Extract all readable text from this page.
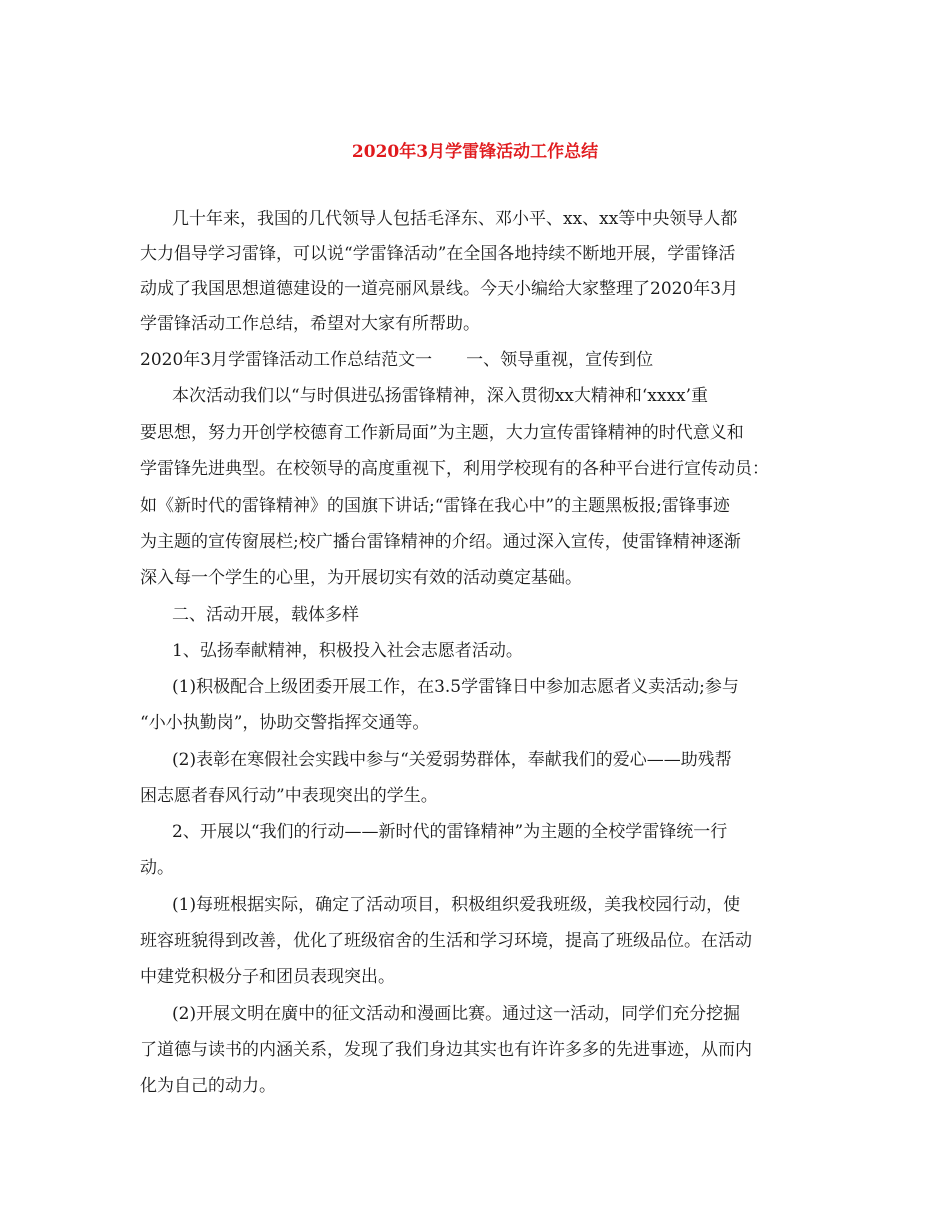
2020年3月学雷锋活动工作总结
几十年来，我国的几代领导人包括毛泽东、邓小平、xx、xx等中央领导人都
大力倡导学习雷锋，可以说“学雷锋活动”在全国各地持续不断地开展，学雷锋活
动成了我国思想道德建设的一道亮丽风景线。今天小编给大家整理了2020年3月
学雷锋活动工作总结，希望对大家有所帮助。
2020年3月学雷锋活动工作总结范文一　　一、领导重视，宣传到位
本次活动我们以“与时俱进弘扬雷锋精神，深入贯彻xx大精神和‘xxxx’重
要思想，努力开创学校德育工作新局面”为主题，大力宣传雷锋精神的时代意义和
学雷锋先进典型。在校领导的高度重视下，利用学校现有的各种平台进行宣传动员：
如《新时代的雷锋精神》的国旗下讲话;“雷锋在我心中”的主题黑板报;雷锋事迹
为主题的宣传窗展栏;校广播台雷锋精神的介绍。通过深入宣传，使雷锋精神逐渐
深入每一个学生的心里，为开展切实有效的活动奠定基础。
二、活动开展，载体多样
1、弘扬奉献精神，积极投入社会志愿者活动。
(1)积极配合上级团委开展工作，在3.5学雷锋日中参加志愿者义卖活动;参与
“小小执勤岗”，协助交警指挥交通等。
(2)表彰在寒假社会实践中参与“关爱弱势群体，奉献我们的爱心——助残帮
困志愿者春风行动”中表现突出的学生。
2、开展以“我们的行动——新时代的雷锋精神”为主题的全校学雷锋统一行
动。
(1)每班根据实际，确定了活动项目，积极组织爱我班级，美我校园行动，使
班容班貌得到改善，优化了班级宿舍的生活和学习环境，提高了班级品位。在活动
中建党积极分子和团员表现突出。
(2)开展文明在廣中的征文活动和漫画比赛。通过这一活动，同学们充分挖掘
了道德与读书的内涵关系，发现了我们身边其实也有许许多多的先进事迹，从而内
化为自己的动力。
